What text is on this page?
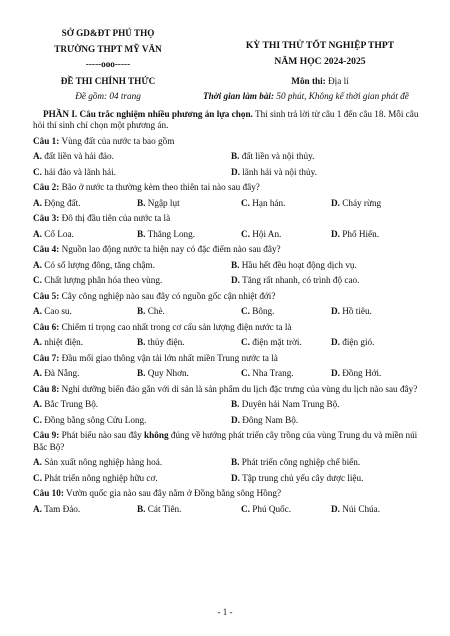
SỞ GD&ĐT PHÚ THỌ
TRƯỜNG THPT MỸ VĂN
-----ooo-----
KỲ THI THỬ TỐT NGHIỆP THPT
NĂM HỌC 2024-2025
ĐỀ THI CHÍNH THỨC	Môn thi: Địa lí
Đề gồm: 04 trang	Thời gian làm bài: 50 phút, Không kể thời gian phát đề
PHẦN I. Câu trắc nghiệm nhiều phương án lựa chọn. Thí sinh trả lời từ câu 1 đến câu 18. Mỗi câu hỏi thí sinh chỉ chọn một phương án.
Câu 1: Vùng đất của nước ta bao gồm
A. đất liền và hải đảo.	B. đất liền và nội thủy.
C. hải đảo và lãnh hải.	D. lãnh hải và nội thủy.
Câu 2: Bão ở nước ta thường kèm theo thiên tai nào sau đây?
A. Động đất.	B. Ngập lụt	C. Hạn hán.	D. Cháy rừng
Câu 3: Đô thị đầu tiên của nước ta là
A. Cổ Loa.	B. Thăng Long.	C. Hội An.	D. Phố Hiến.
Câu 4: Nguồn lao động nước ta hiện nay có đặc điểm nào sau đây?
A. Có số lượng đông, tăng chậm.	B. Hầu hết đều hoạt động dịch vụ.
C. Chất lượng phân hóa theo vùng.	D. Tăng rất nhanh, có trình độ cao.
Câu 5: Cây công nghiệp nào sau đây có nguồn gốc cận nhiệt đới?
A. Cao su.	B. Chè.	C. Bông.	D. Hồ tiêu.
Câu 6: Chiếm tỉ trọng cao nhất trong cơ cấu sản lượng điện nước ta là
A. nhiệt điện.	B. thủy điện.	C. điện mặt trời.	D. điện gió.
Câu 7: Đầu mối giao thông vận tải lớn nhất miền Trung nước ta là
A. Đà Nẵng.	B. Quy Nhơn.	C. Nha Trang.	D. Đồng Hới.
Câu 8: Nghỉ dưỡng biển đảo gắn với di sản là sản phẩm du lịch đặc trưng của vùng du lịch nào sau đây?
A. Bắc Trung Bộ.	B. Duyên hải Nam Trung Bộ.
C. Đồng bằng sông Cửu Long.	D. Đông Nam Bộ.
Câu 9: Phát biểu nào sau đây không đúng về hướng phát triển cây trồng của vùng Trung du và miền núi Bắc Bộ?
A. Sản xuất nông nghiệp hàng hoá.	B. Phát triển công nghiệp chế biến.
C. Phát triển nông nghiệp hữu cơ.	D. Tập trung chủ yếu cây dược liệu.
Câu 10: Vườn quốc gia nào sau đây nằm ở Đồng bằng sông Hồng?
A. Tam Đảo.	B. Cát Tiên.	C. Phú Quốc.	D. Núi Chúa.
- 1 -
